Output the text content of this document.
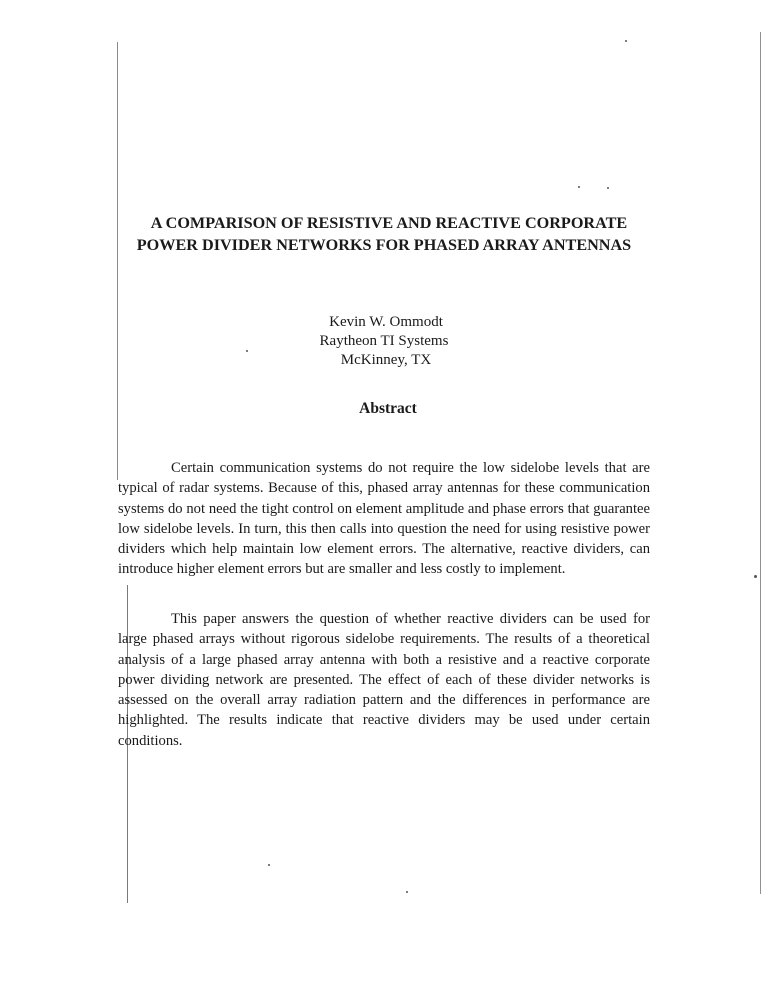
A COMPARISON OF RESISTIVE AND REACTIVE CORPORATE
POWER DIVIDER NETWORKS FOR PHASED ARRAY ANTENNAS
Kevin W. Ommodt
Raytheon TI Systems
McKinney, TX
Abstract

Certain communication systems do not require the low sidelobe levels that are typical of radar systems. Because of this, phased array antennas for these communication systems do not need the tight control on element amplitude and phase errors that guarantee low sidelobe levels. In turn, this then calls into question the need for using resistive power dividers which help maintain low element errors. The alternative, reactive dividers, can introduce higher element errors but are smaller and less costly to implement.

This paper answers the question of whether reactive dividers can be used for large phased arrays without rigorous sidelobe requirements. The results of a theoretical analysis of a large phased array antenna with both a resistive and a reactive corporate power dividing network are presented. The effect of each of these divider networks is assessed on the overall array radiation pattern and the differences in performance are highlighted. The results indicate that reactive dividers may be used under certain conditions.
